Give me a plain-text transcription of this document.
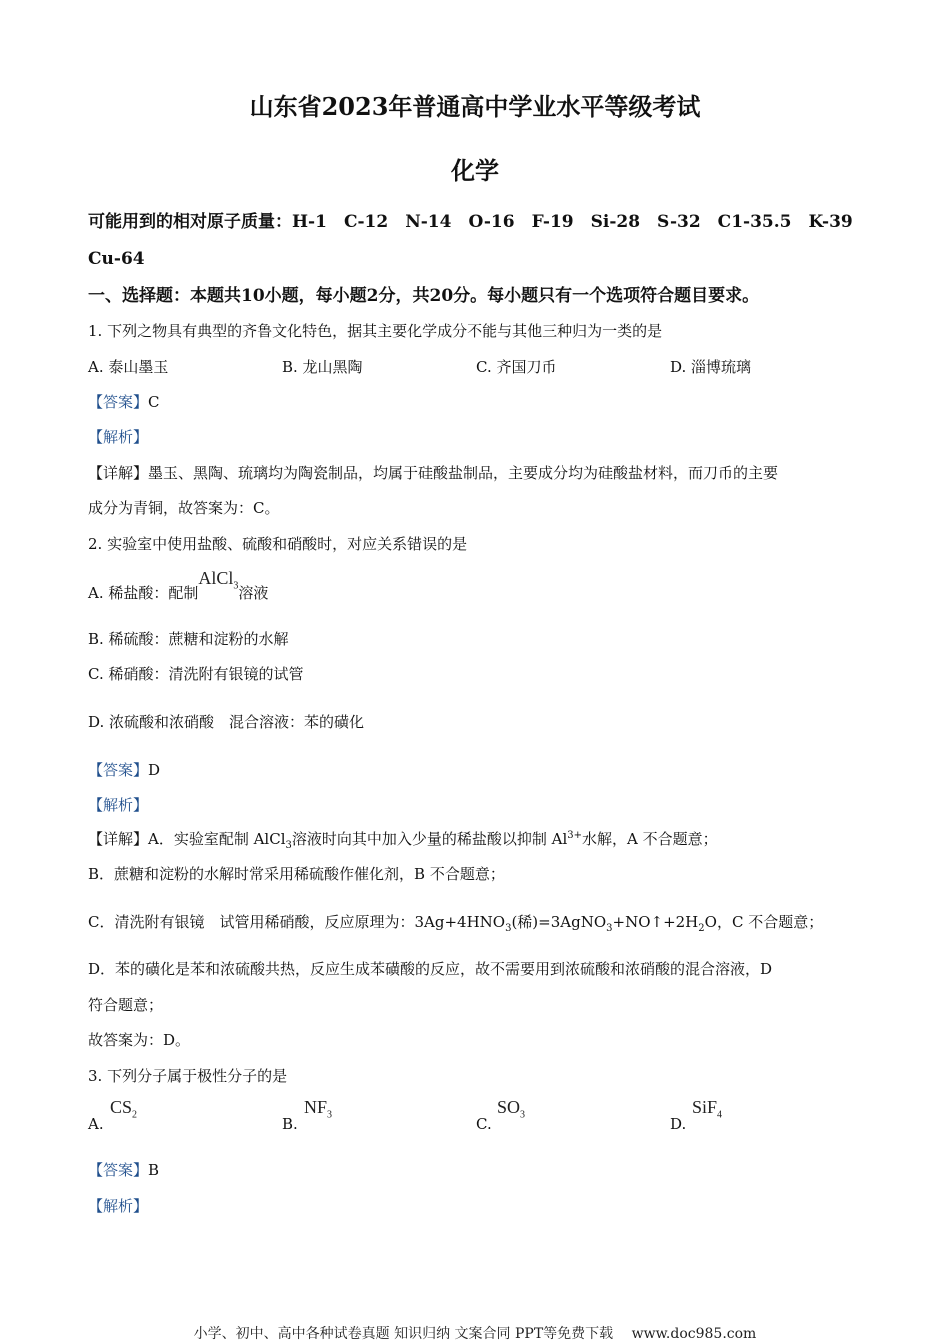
山东省2023年普通高中学业水平等级考试
化学
可能用到的相对原子质量：H-1　C-12　N-14　O-16　F-19　Si-28　S-32　C1-35.5　K-39
Cu-64
一、选择题：本题共10小题，每小题2分，共20分。每小题只有一个选项符合题目要求。
1. 下列之物具有典型的齐鲁文化特色，据其主要化学成分不能与其他三种归为一类的是
A. 泰山墨玉	B. 龙山黑陶	C. 齐国刀币	D. 淄博琉璃
【答案】C
【解析】
【详解】墨玉、黑陶、琉璃均为陶瓷制品，均属于硅酸盐制品，主要成分均为硅酸盐材料，而刀币的主要
成分为青铜，故答案为：C。
2. 实验室中使用盐酸、硫酸和硝酸时，对应关系错误的是
A. 稀盐酸：配制AlCl$_3$溶液
B. 稀硫酸：蔗糖和淀粉的水解
C. 稀硝酸：清洗附有银镜的试管
D. 浓硫酸和浓硝酸　混合溶液：苯的磺化
【答案】D
【解析】
【详解】A．实验室配制 AlCl$_3$溶液时向其中加入少量的稀盐酸以抑制 $Al^{3+}$水解，A 不合题意；
B．蔗糖和淀粉的水解时常采用稀硫酸作催化剂，B 不合题意；
C．清洗附有银镜　试管用稀硝酸，反应原理为：$3Ag+4HNO_3$(稀)$=3AgNO_3+NO↑+2H_2O$，C 不合题意；
D．苯的磺化是苯和浓硫酸共热，反应生成苯磺酸的反应，故不需要用到浓硫酸和浓硝酸的混合溶液，D
符合题意；
故答案为：D。
3. 下列分子属于极性分子的是
A.
$CS_2$	B.
$NF_3$	C.
$SO_3$	D.
SiF$_4$
【答案】B
【解析】
小学、初中、高中各种试卷真题 知识归纳 文案合同 PPT等免费下载　 www.doc985.com
